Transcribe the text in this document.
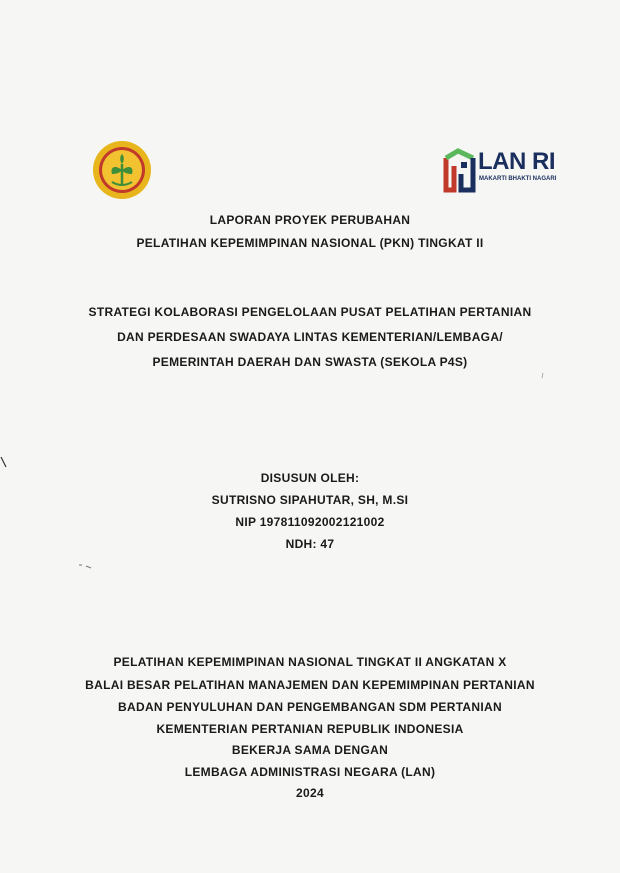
LAN RI
MAKARTI BHAKTI NAGARI
LAPORAN PROYEK PERUBAHAN
PELATIHAN KEPEMIMPINAN NASIONAL (PKN) TINGKAT II
STRATEGI KOLABORASI PENGELOLAAN PUSAT PELATIHAN PERTANIAN
DAN PERDESAAN SWADAYA LINTAS KEMENTERIAN/LEMBAGA/
PEMERINTAH DAERAH DAN SWASTA (SEKOLA P4S)
DISUSUN OLEH:
SUTRISNO SIPAHUTAR, SH, M.SI
NIP 197811092002121002
NDH: 47
PELATIHAN KEPEMIMPINAN NASIONAL TINGKAT II ANGKATAN X
BALAI BESAR PELATIHAN MANAJEMEN DAN KEPEMIMPINAN PERTANIAN
BADAN PENYULUHAN DAN PENGEMBANGAN SDM PERTANIAN
KEMENTERIAN PERTANIAN REPUBLIK INDONESIA
BEKERJA SAMA DENGAN
LEMBAGA ADMINISTRASI NEGARA (LAN)
2024
